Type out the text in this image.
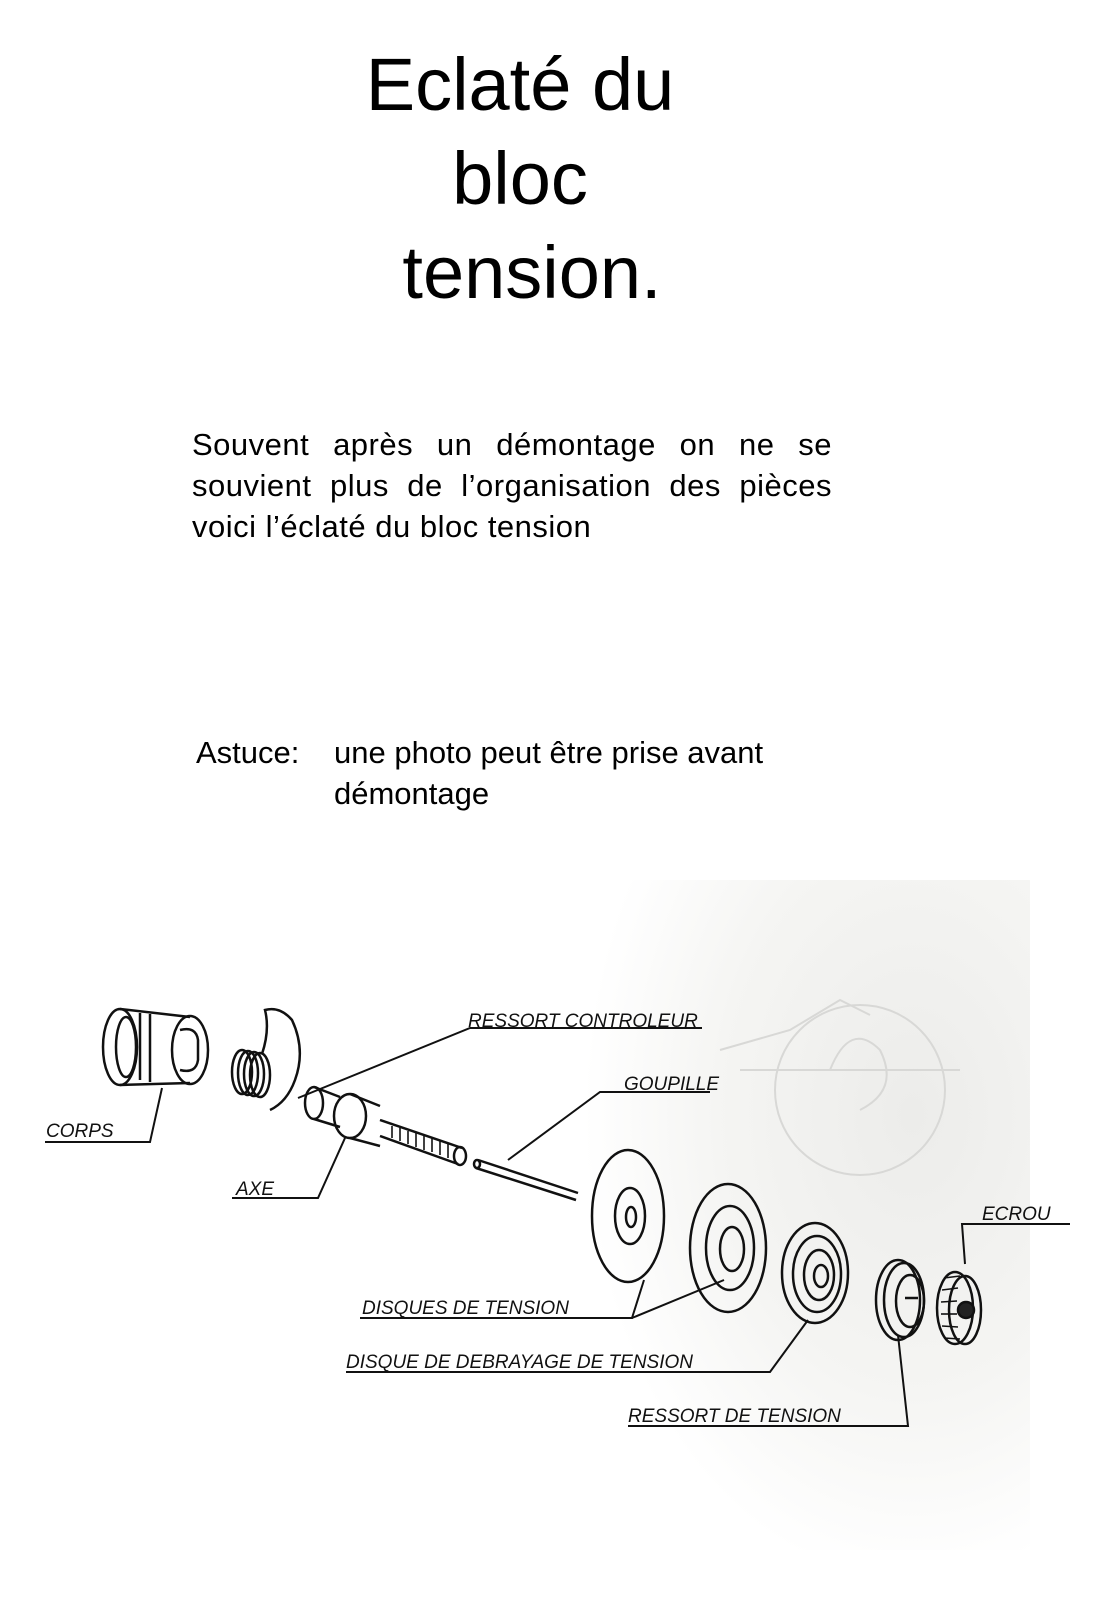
Eclaté du
bloc
tension.
Souvent après un démontage on ne se souvient plus de l’organisation des pièces voici l’éclaté du bloc tension
Astuce: une photo peut être prise avant
démontage
RESSORT CONTROLEUR
GOUPILLE
CORPS
AXE
ECROU
DISQUES DE TENSION
DISQUE DE DEBRAYAGE DE TENSION
RESSORT DE TENSION
